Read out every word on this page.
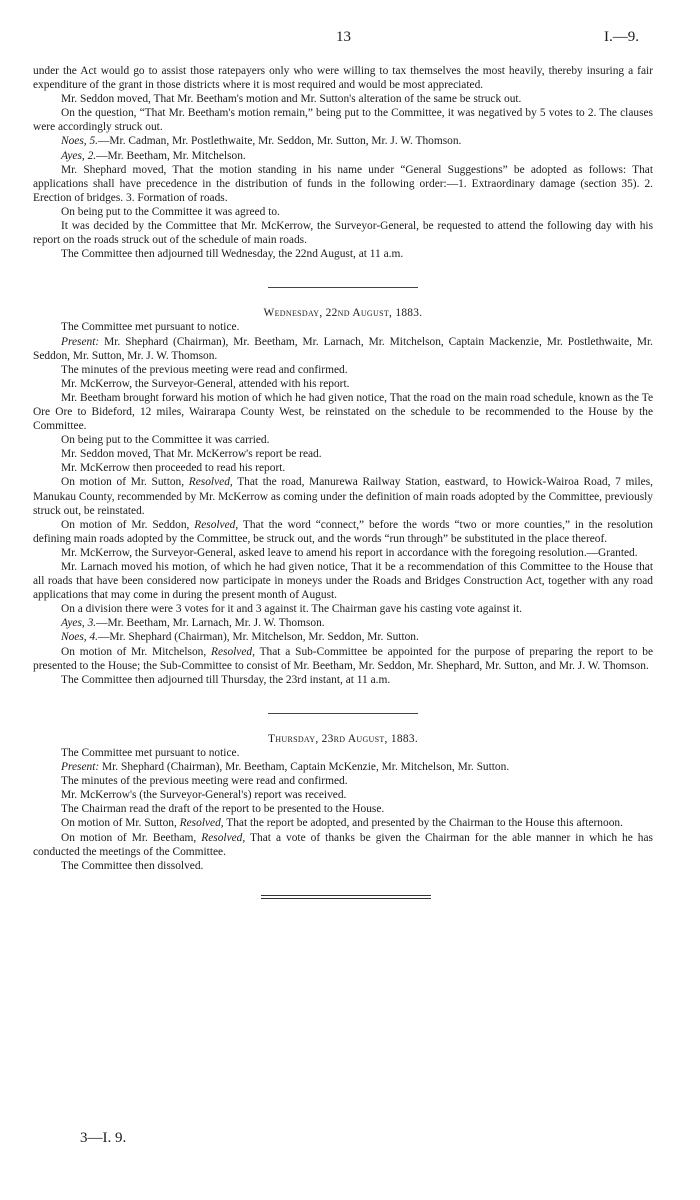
13	I.—9.

under the Act would go to assist those ratepayers only who were willing to tax themselves the most heavily, thereby insuring a fair expenditure of the grant in those districts where it is most required and would be most appreciated.

Mr. Seddon moved, That Mr. Beetham's motion and Mr. Sutton's alteration of the same be struck out.

On the question, “That Mr. Beetham's motion remain,” being put to the Committee, it was negatived by 5 votes to 2. The clauses were accordingly struck out.

Noes, 5.—Mr. Cadman, Mr. Postlethwaite, Mr. Seddon, Mr. Sutton, Mr. J. W. Thomson.

Ayes, 2.—Mr. Beetham, Mr. Mitchelson.

Mr. Shephard moved, That the motion standing in his name under “General Suggestions” be adopted as follows: That applications shall have precedence in the distribution of funds in the following order:—1. Extraordinary damage (section 35). 2. Erection of bridges. 3. Formation of roads.

On being put to the Committee it was agreed to.

It was decided by the Committee that Mr. McKerrow, the Surveyor-General, be requested to attend the following day with his report on the roads struck out of the schedule of main roads.

The Committee then adjourned till Wednesday, the 22nd August, at 11 a.m.

Wednesday, 22nd August, 1883.

The Committee met pursuant to notice.

Present: Mr. Shephard (Chairman), Mr. Beetham, Mr. Larnach, Mr. Mitchelson, Captain Mackenzie, Mr. Postlethwaite, Mr. Seddon, Mr. Sutton, Mr. J. W. Thomson.

The minutes of the previous meeting were read and confirmed.

Mr. McKerrow, the Surveyor-General, attended with his report.

Mr. Beetham brought forward his motion of which he had given notice, That the road on the main road schedule, known as the Te Ore Ore to Bideford, 12 miles, Wairarapa County West, be reinstated on the schedule to be recommended to the House by the Committee.

On being put to the Committee it was carried.

Mr. Seddon moved, That Mr. McKerrow's report be read.

Mr. McKerrow then proceeded to read his report.

On motion of Mr. Sutton, Resolved, That the road, Manurewa Railway Station, eastward, to Howick-Wairoa Road, 7 miles, Manukau County, recommended by Mr. McKerrow as coming under the definition of main roads adopted by the Committee, previously struck out, be reinstated.

On motion of Mr. Seddon, Resolved, That the word “connect,” before the words “two or more counties,” in the resolution defining main roads adopted by the Committee, be struck out, and the words “run through” be substituted in the place thereof.

Mr. McKerrow, the Surveyor-General, asked leave to amend his report in accordance with the foregoing resolution.—Granted.

Mr. Larnach moved his motion, of which he had given notice, That it be a recommendation of this Committee to the House that all roads that have been considered now participate in moneys under the Roads and Bridges Construction Act, together with any road applications that may come in during the present month of August.

On a division there were 3 votes for it and 3 against it. The Chairman gave his casting vote against it.

Ayes, 3.—Mr. Beetham, Mr. Larnach, Mr. J. W. Thomson.

Noes, 4.—Mr. Shephard (Chairman), Mr. Mitchelson, Mr. Seddon, Mr. Sutton.

On motion of Mr. Mitchelson, Resolved, That a Sub-Committee be appointed for the purpose of preparing the report to be presented to the House; the Sub-Committee to consist of Mr. Beetham, Mr. Seddon, Mr. Shephard, Mr. Sutton, and Mr. J. W. Thomson.

The Committee then adjourned till Thursday, the 23rd instant, at 11 a.m.

Thursday, 23rd August, 1883.

The Committee met pursuant to notice.

Present: Mr. Shephard (Chairman), Mr. Beetham, Captain McKenzie, Mr. Mitchelson, Mr. Sutton.

The minutes of the previous meeting were read and confirmed.

Mr. McKerrow's (the Surveyor-General's) report was received.

The Chairman read the draft of the report to be presented to the House.

On motion of Mr. Sutton, Resolved, That the report be adopted, and presented by the Chairman to the House this afternoon.

On motion of Mr. Beetham, Resolved, That a vote of thanks be given the Chairman for the able manner in which he has conducted the meetings of the Committee.

The Committee then dissolved.

3—I. 9.
